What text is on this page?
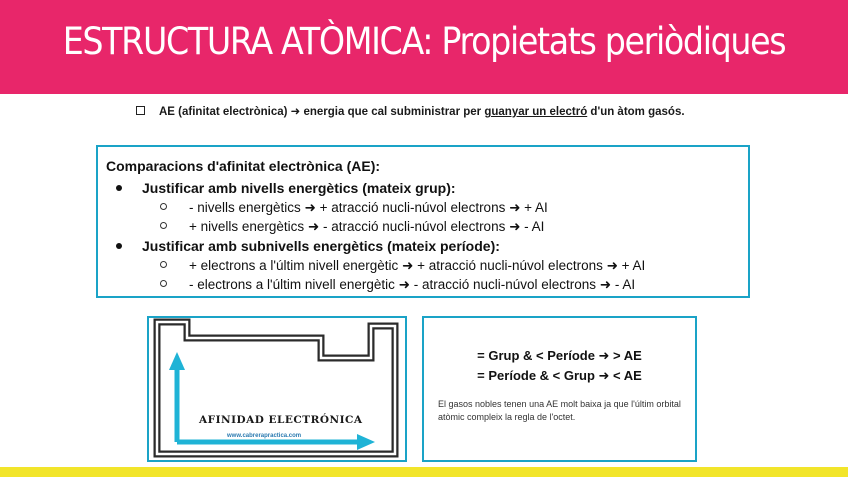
ESTRUCTURA ATÒMICA: Propietats periòdiques
AE (afinitat electrònica) ➜ energia que cal subministrar per guanyar un electró d'un àtom gasós.
Comparacions d'afinitat electrònica (AE):
Justificar amb nivells energètics (mateix grup):
- nivells energètics ➜ + atracció nucli-núvol electrons ➜ + AI
+ nivells energètics ➜ - atracció nucli-núvol electrons ➜ - AI
Justificar amb subnivells energètics (mateix període):
+ electrons a l'últim nivell energètic ➜ + atracció nucli-núvol electrons ➜ + AI
- electrons a l'últim nivell energètic ➜ - atracció nucli-núvol electrons ➜ - AI
AFINIDAD ELECTRÓNICA
www.cabrerapractica.com
= Grup & < Període ➜ > AE
= Període & < Grup ➜ < AE
El gasos nobles tenen una AE molt baixa ja que l'últim orbital atòmic compleix la regla de l'octet.
